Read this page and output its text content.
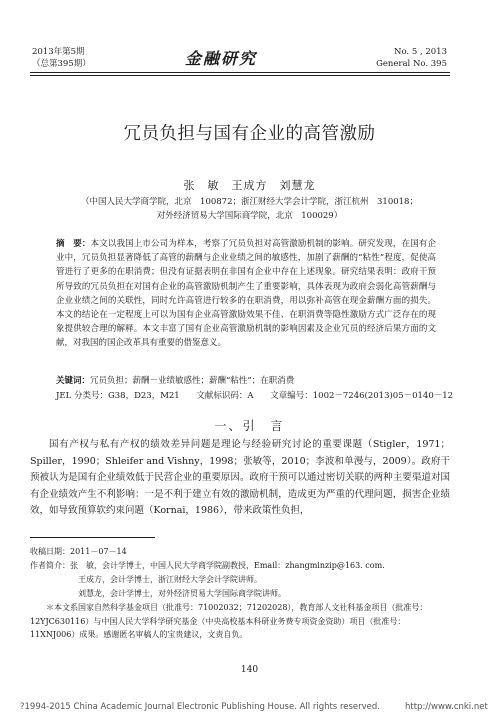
2013年第5期
（总第395期）	金融研究	No. 5 , 2013
General No. 395
冗员负担与国有企业的高管激励
张　敏　王成方　刘慧龙
（中国人民大学商学院，北京　100872；浙江财经大学会计学院，浙江杭州　310018；
对外经济贸易大学国际商学院，北京　100029）
摘　要：本文以我国上市公司为样本，考察了冗员负担对高管激励机制的影响。研究发现，在国有企业中，冗员负担显著降低了高管的薪酬与企业业绩之间的敏感性，加剧了薪酬的“粘性”程度，促使高管进行了更多的在职消费；但没有证据表明在非国有企业中存在上述现象。研究结果表明：政府干预所导致的冗员负担在对国有企业的高管激励机制产生了重要影响，具体表现为政府会弱化高管薪酬与企业业绩之间的关联性，同时允许高管进行较多的在职消费，用以弥补高管在现金薪酬方面的损失。本文的结论在一定程度上可以为国有企业高管激励效果不佳、在职消费等隐性激励方式广泛存在的现象提供较合理的解释。本文丰富了国有企业高管激励机制的影响因素及企业冗员的经济后果方面的文献，对我国的国企改革具有重要的借鉴意义。
关键词：冗员负担；薪酬－业绩敏感性；薪酬“粘性”；在职消费
JEL 分类号：G38，D23，M21 文献标识码：A 文章编号：1002－7246(2013)05－0140－12
一、引　言
国有产权与私有产权的绩效差异问题是理论与经验研究讨论的重要课题（Stigler，1971；Spiller，1990；Shleifer and Vishny，1998；张敏等，2010；李波和单漫与，2009）。政府干预被认为是国有企业绩效低于民营企业的重要原因。政府干预可以通过密切关联的两种主要渠道对国有企业绩效产生不利影响：一是不利于建立有效的激励机制，造成更为严重的代理问题，损害企业绩效，如导致预算软约束问题（Kornai，1986），带来政策性负担，
收稿日期：2011－07－14
作者简介：张　敏，会计学博士，中国人民大学商学院副教授，Email：zhangminzip@163. com.
王成方，会计学博士，浙江财经大学会计学院讲师。
刘慧龙，会计学博士，对外经济贸易大学国际商学院讲师。
＊本文系国家自然科学基金项目（批准号：71002032；71202028），教育部人文社科基金项目（批准号：12YJC630116）与中国人民大学科学研究基金（中央高校基本科研业务费专项资金资助）项目（批准号：11XNJ006）成果。感谢匿名审稿人的宝贵建议，文责自负。
140
?1994-2015 China Academic Journal Electronic Publishing House. All rights reserved.	http://www.cnki.net
